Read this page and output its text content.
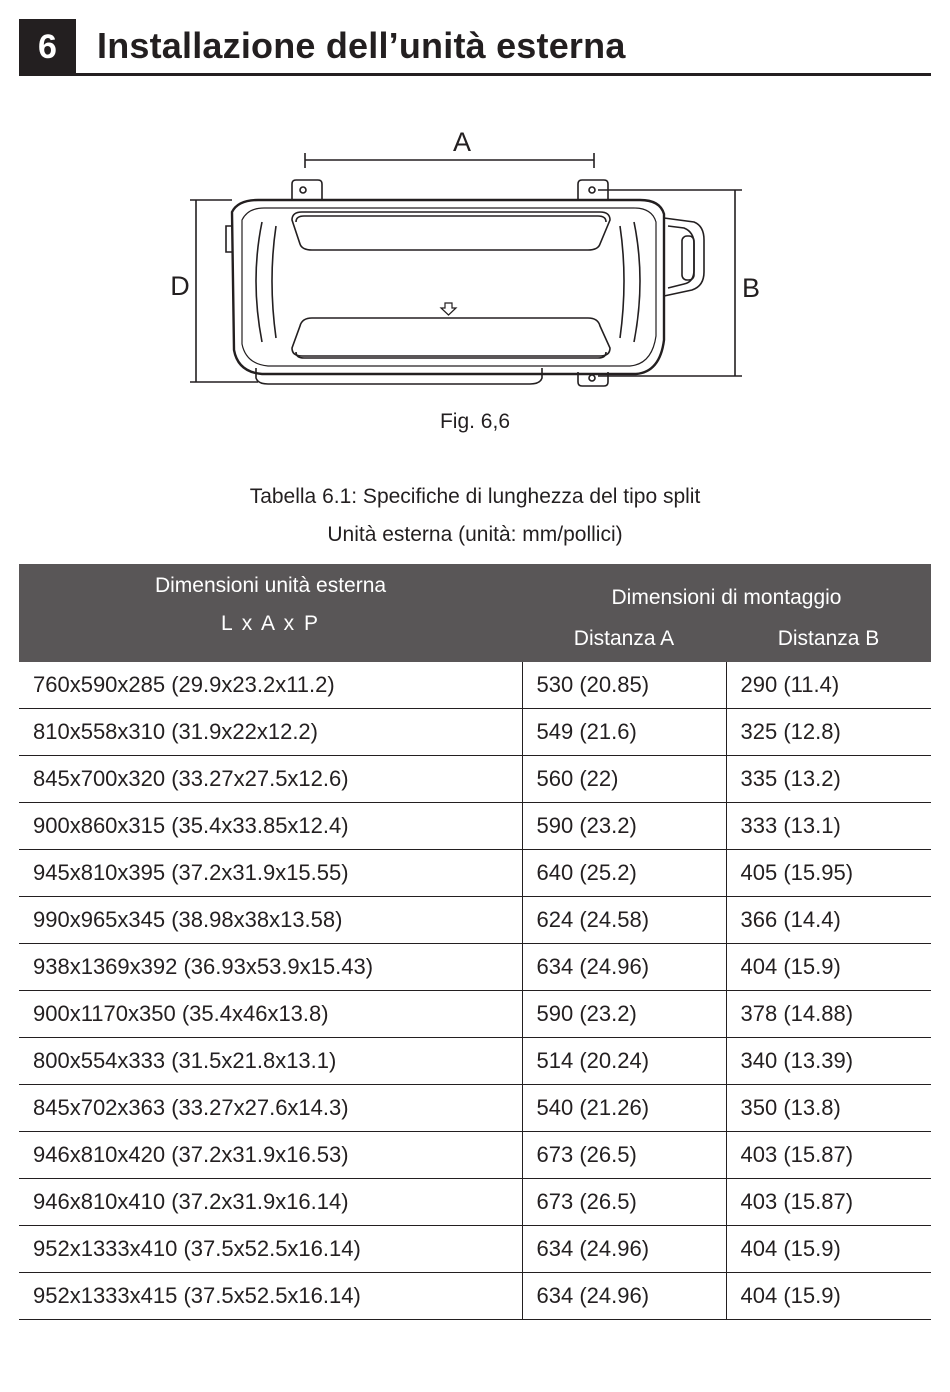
6	Installazione dell’unità esterna
A
D	B
Fig. 6,6
Tabella 6.1: Specifiche di lunghezza del tipo split
Unità esterna (unità: mm/pollici)
Dimensioni unità esterna
L x A x P	Dimensioni di montaggio	
	Distanza A	Distanza B
760x590x285 (29.9x23.2x11.2)	530 (20.85)	290 (11.4)
810x558x310 (31.9x22x12.2)	549 (21.6)	325 (12.8)
845x700x320 (33.27x27.5x12.6)	560 (22)	335 (13.2)
900x860x315 (35.4x33.85x12.4)	590 (23.2)	333 (13.1)
945x810x395 (37.2x31.9x15.55)	640 (25.2)	405 (15.95)
990x965x345 (38.98x38x13.58)	624 (24.58)	366 (14.4)
938x1369x392 (36.93x53.9x15.43)	634 (24.96)	404 (15.9)
900x1170x350 (35.4x46x13.8)	590 (23.2)	378 (14.88)
800x554x333 (31.5x21.8x13.1)	514 (20.24)	340 (13.39)
845x702x363 (33.27x27.6x14.3)	540 (21.26)	350 (13.8)
946x810x420 (37.2x31.9x16.53)	673 (26.5)	403 (15.87)
946x810x410 (37.2x31.9x16.14)	673 (26.5)	403 (15.87)
952x1333x410 (37.5x52.5x16.14)	634 (24.96)	404 (15.9)
952x1333x415 (37.5x52.5x16.14)	634 (24.96)	404 (15.9)
